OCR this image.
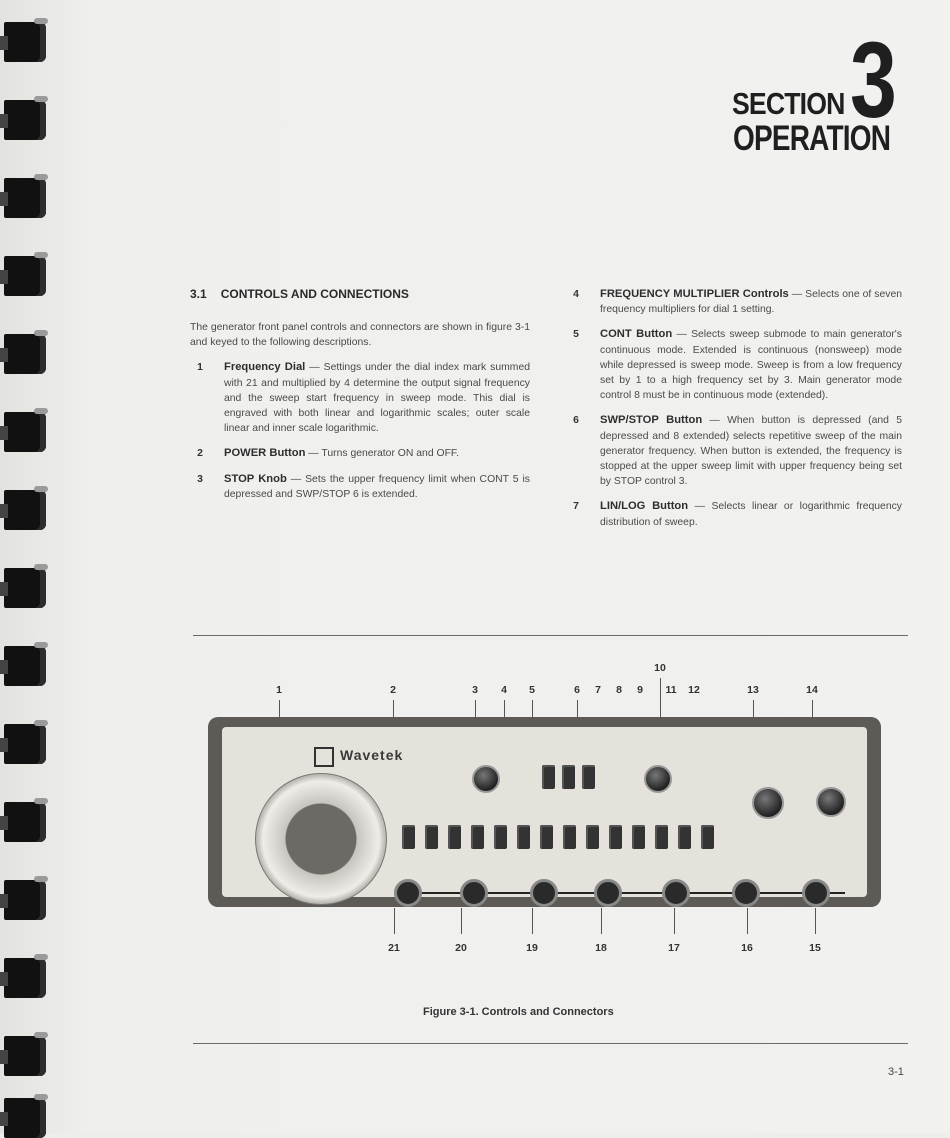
SECTION 3
OPERATION
3.1 CONTROLS AND CONNECTIONS

The generator front panel controls and connectors are shown in figure 3-1 and keyed to the following descriptions.

1	Frequency Dial — Settings under the dial index mark summed with 21 and multiplied by 4 determine the output signal frequency and the sweep start frequency in sweep mode. This dial is engraved with both linear and logarithmic scales; outer scale linear and inner scale logarithmic.

2	POWER Button — Turns generator ON and OFF.

3	STOP Knob — Sets the upper frequency limit when CONT 5 is depressed and SWP/STOP 6 is extended.

4	FREQUENCY MULTIPLIER Controls — Selects one of seven frequency multipliers for dial 1 setting.

5	CONT Button — Selects sweep submode to main generator's continuous mode. Extended is continuous (nonsweep) mode while depressed is sweep mode. Sweep is from a low frequency set by 1 to a high frequency set by 3. Main generator mode control 8 must be in continuous mode (extended).

6	SWP/STOP Button — When button is depressed (and 5 depressed and 8 extended) selects repetitive sweep of the main generator frequency. When button is extended, the frequency is stopped at the upper sweep limit with upper frequency being set by STOP control 3.

7	LIN/LOG Button — Selects linear or logarithmic frequency distribution of sweep.

1	2	3	4	5	6	7	8	9
10
11	12	13	14
Wavetek
21	20	19	18	17	16	15
Figure 3-1. Controls and Connectors
3-1
